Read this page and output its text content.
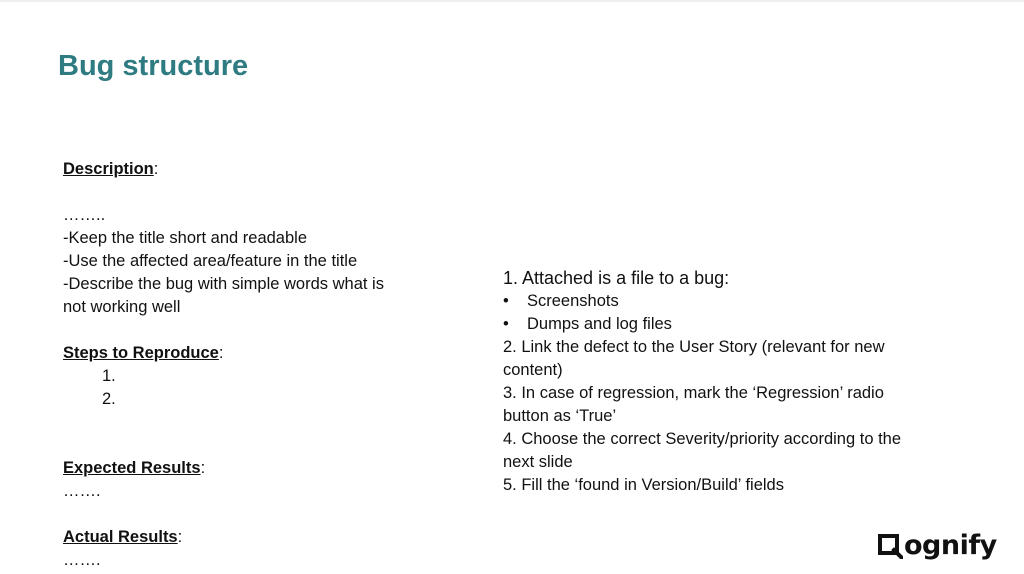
Bug structure
Description:
……..
-Keep the title short and readable
-Use the affected area/feature in the title
-Describe the bug with simple words what is
not working well
Steps to Reproduce:
1.
2.
Expected Results:
…….
Actual Results:
…….
1. Attached is a file to a bug:
•	Screenshots
•	Dumps and log files
2. Link the defect to the User Story (relevant for new
content)
3. In case of regression, mark the ‘Regression’ radio
button as ‘True’
4. Choose the correct Severity/priority according to the
next slide
5. Fill the ‘found in Version/Build’ fields
ognify
